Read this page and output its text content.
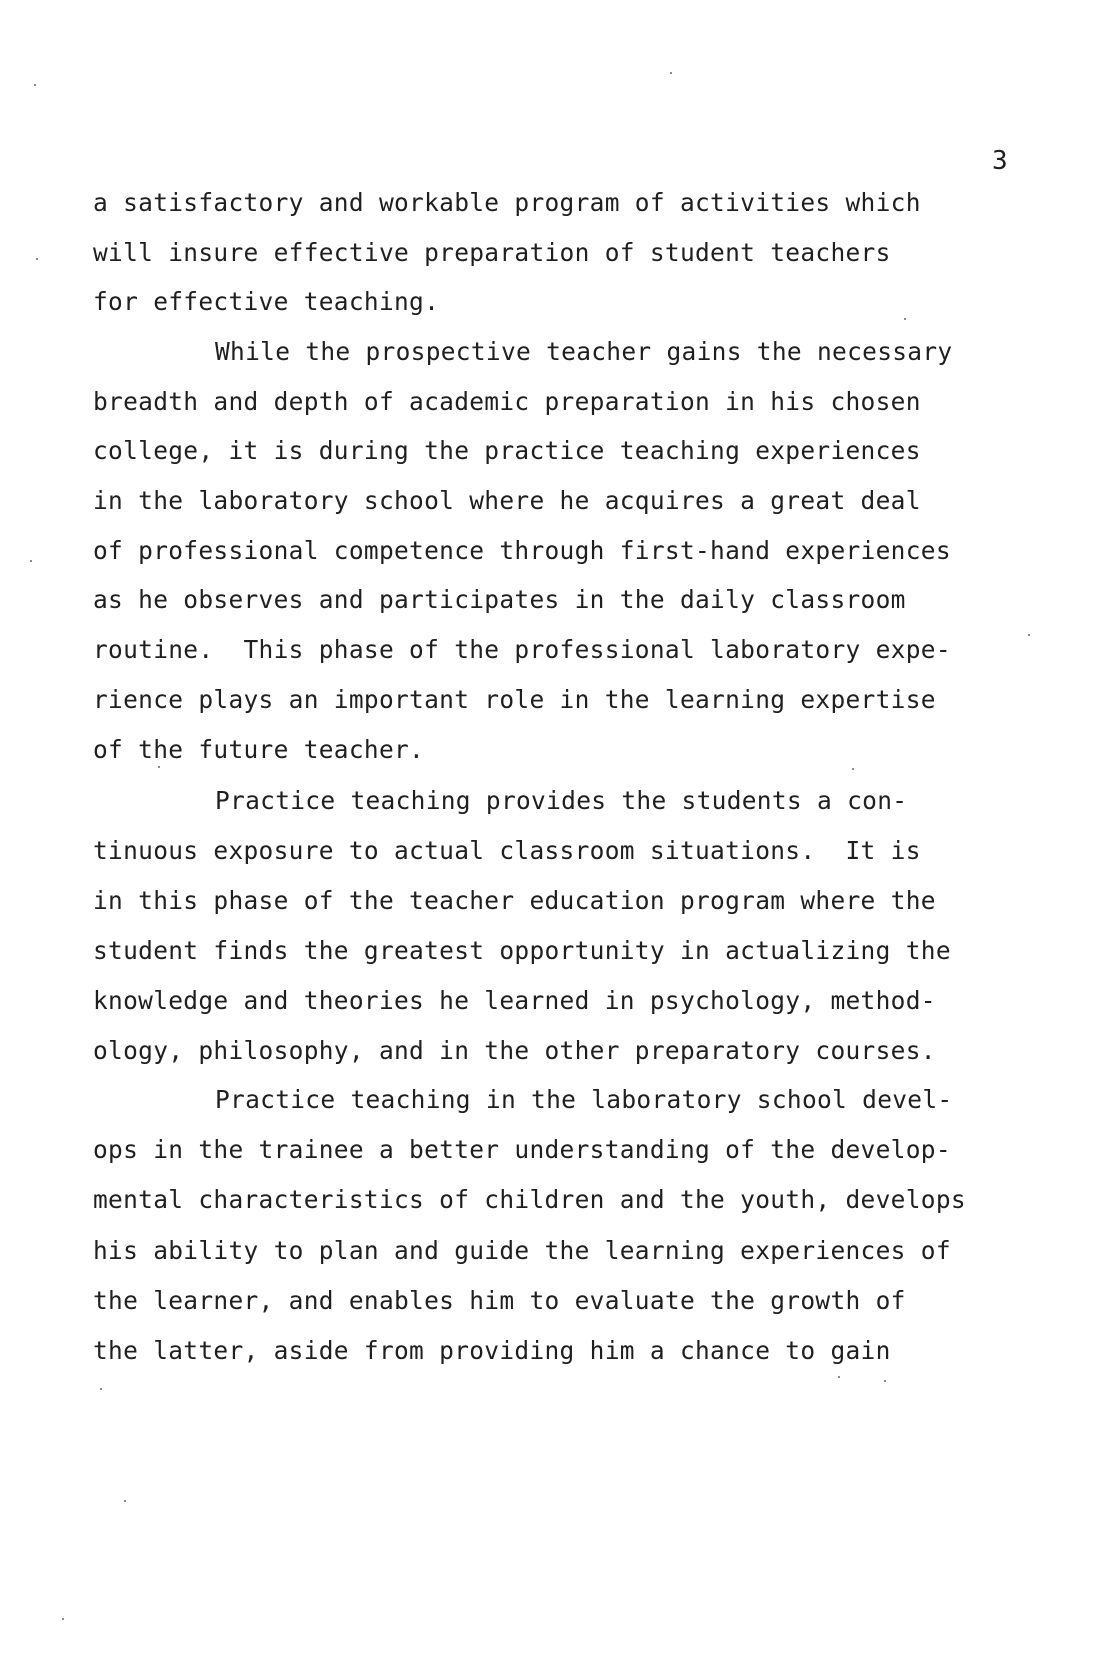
3
a satisfactory and workable program of activities which
will insure effective preparation of student teachers
for effective teaching.
While the prospective teacher gains the necessary
breadth and depth of academic preparation in his chosen
college, it is during the practice teaching experiences
in the laboratory school where he acquires a great deal
of professional competence through first-hand experiences
as he observes and participates in the daily classroom
routine.  This phase of the professional laboratory expe-
rience plays an important role in the learning expertise
of the future teacher.
Practice teaching provides the students a con-
tinuous exposure to actual classroom situations.  It is
in this phase of the teacher education program where the
student finds the greatest opportunity in actualizing the
knowledge and theories he learned in psychology, method-
ology, philosophy, and in the other preparatory courses.
Practice teaching in the laboratory school devel-
ops in the trainee a better understanding of the develop-
mental characteristics of children and the youth, develops
his ability to plan and guide the learning experiences of
the learner, and enables him to evaluate the growth of
the latter, aside from providing him a chance to gain
